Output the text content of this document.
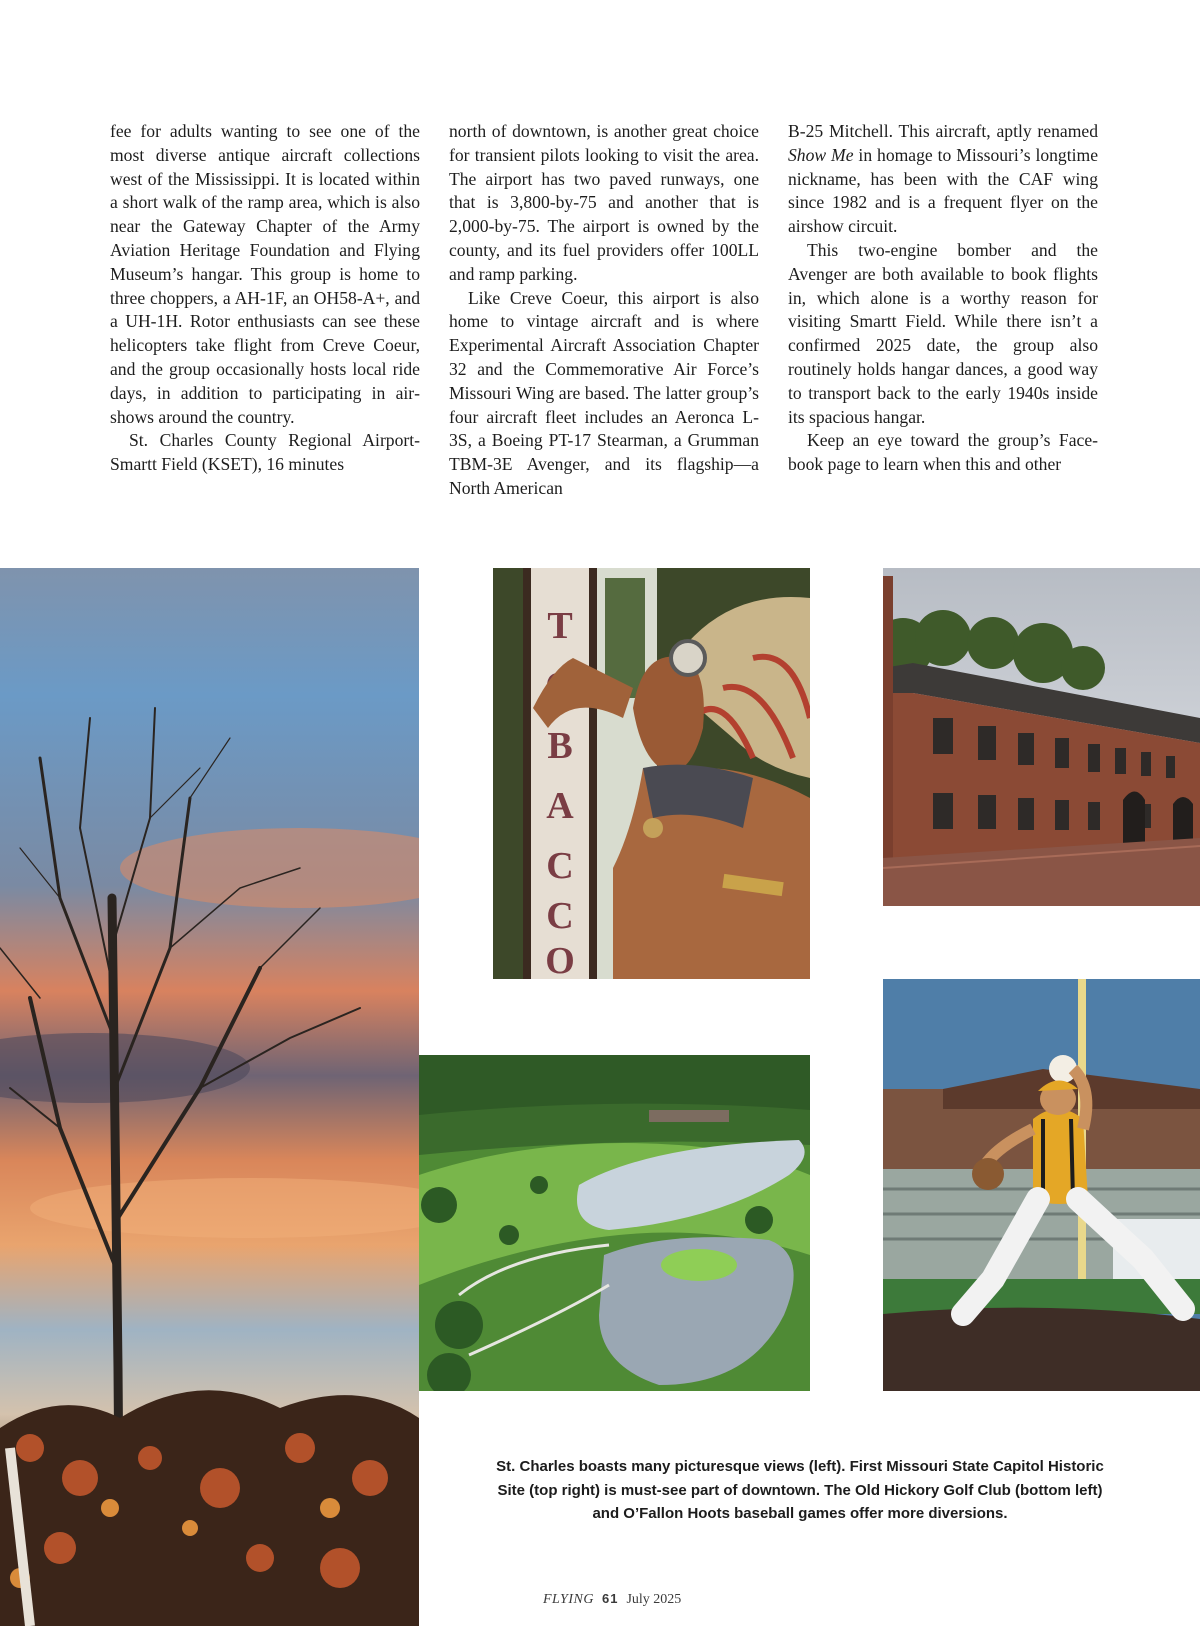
fee for adults wanting to see one of the most diverse antique aircraft collections west of the Mississippi. It is located within a short walk of the ramp area, which is also near the Gateway Chapter of the Army Aviation Heritage Foundation and Flying Museum’s hangar. This group is home to three choppers, a AH-1F, an OH58-A+, and a UH-1H. Rotor enthusiasts can see these helicopters take flight from Creve Coeur, and the group occasionally hosts local ride days, in addition to participating in airshows around the country.

St. Charles County Regional Airport-Smartt Field (KSET), 16 minutes

north of downtown, is another great choice for transient pilots looking to visit the area. The airport has two paved runways, one that is 3,800-by-75 and another that is 2,000-by-75. The airport is owned by the county, and its fuel providers offer 100LL and ramp parking.

Like Creve Coeur, this airport is also home to vintage aircraft and is where Experimental Aircraft Association Chapter 32 and the Commemorative Air Force’s Missouri Wing are based. The latter group’s four aircraft fleet includes an Aeronca L-3S, a Boeing PT-17 Stearman, a Grumman TBM-3E Avenger, and its flagship—a North American

B-25 Mitchell. This aircraft, aptly renamed Show Me in homage to Missouri’s longtime nickname, has been with the CAF wing since 1982 and is a frequent flyer on the airshow circuit.

This two-engine bomber and the Avenger are both available to book flights in, which alone is a worthy reason for visiting Smartt Field. While there isn’t a confirmed 2025 date, the group also routinely holds hangar dances, a good way to transport back to the early 1940s inside its spacious hangar.

Keep an eye toward the group’s Facebook page to learn when this and other

T
B
A
C
C
O
St. Charles boasts many picturesque views (left). First Missouri State Capitol Historic Site (top right) is must-see part of downtown. The Old Hickory Golf Club (bottom left) and O’Fallon Hoots baseball games offer more diversions.
FLYING 61 July 2025
